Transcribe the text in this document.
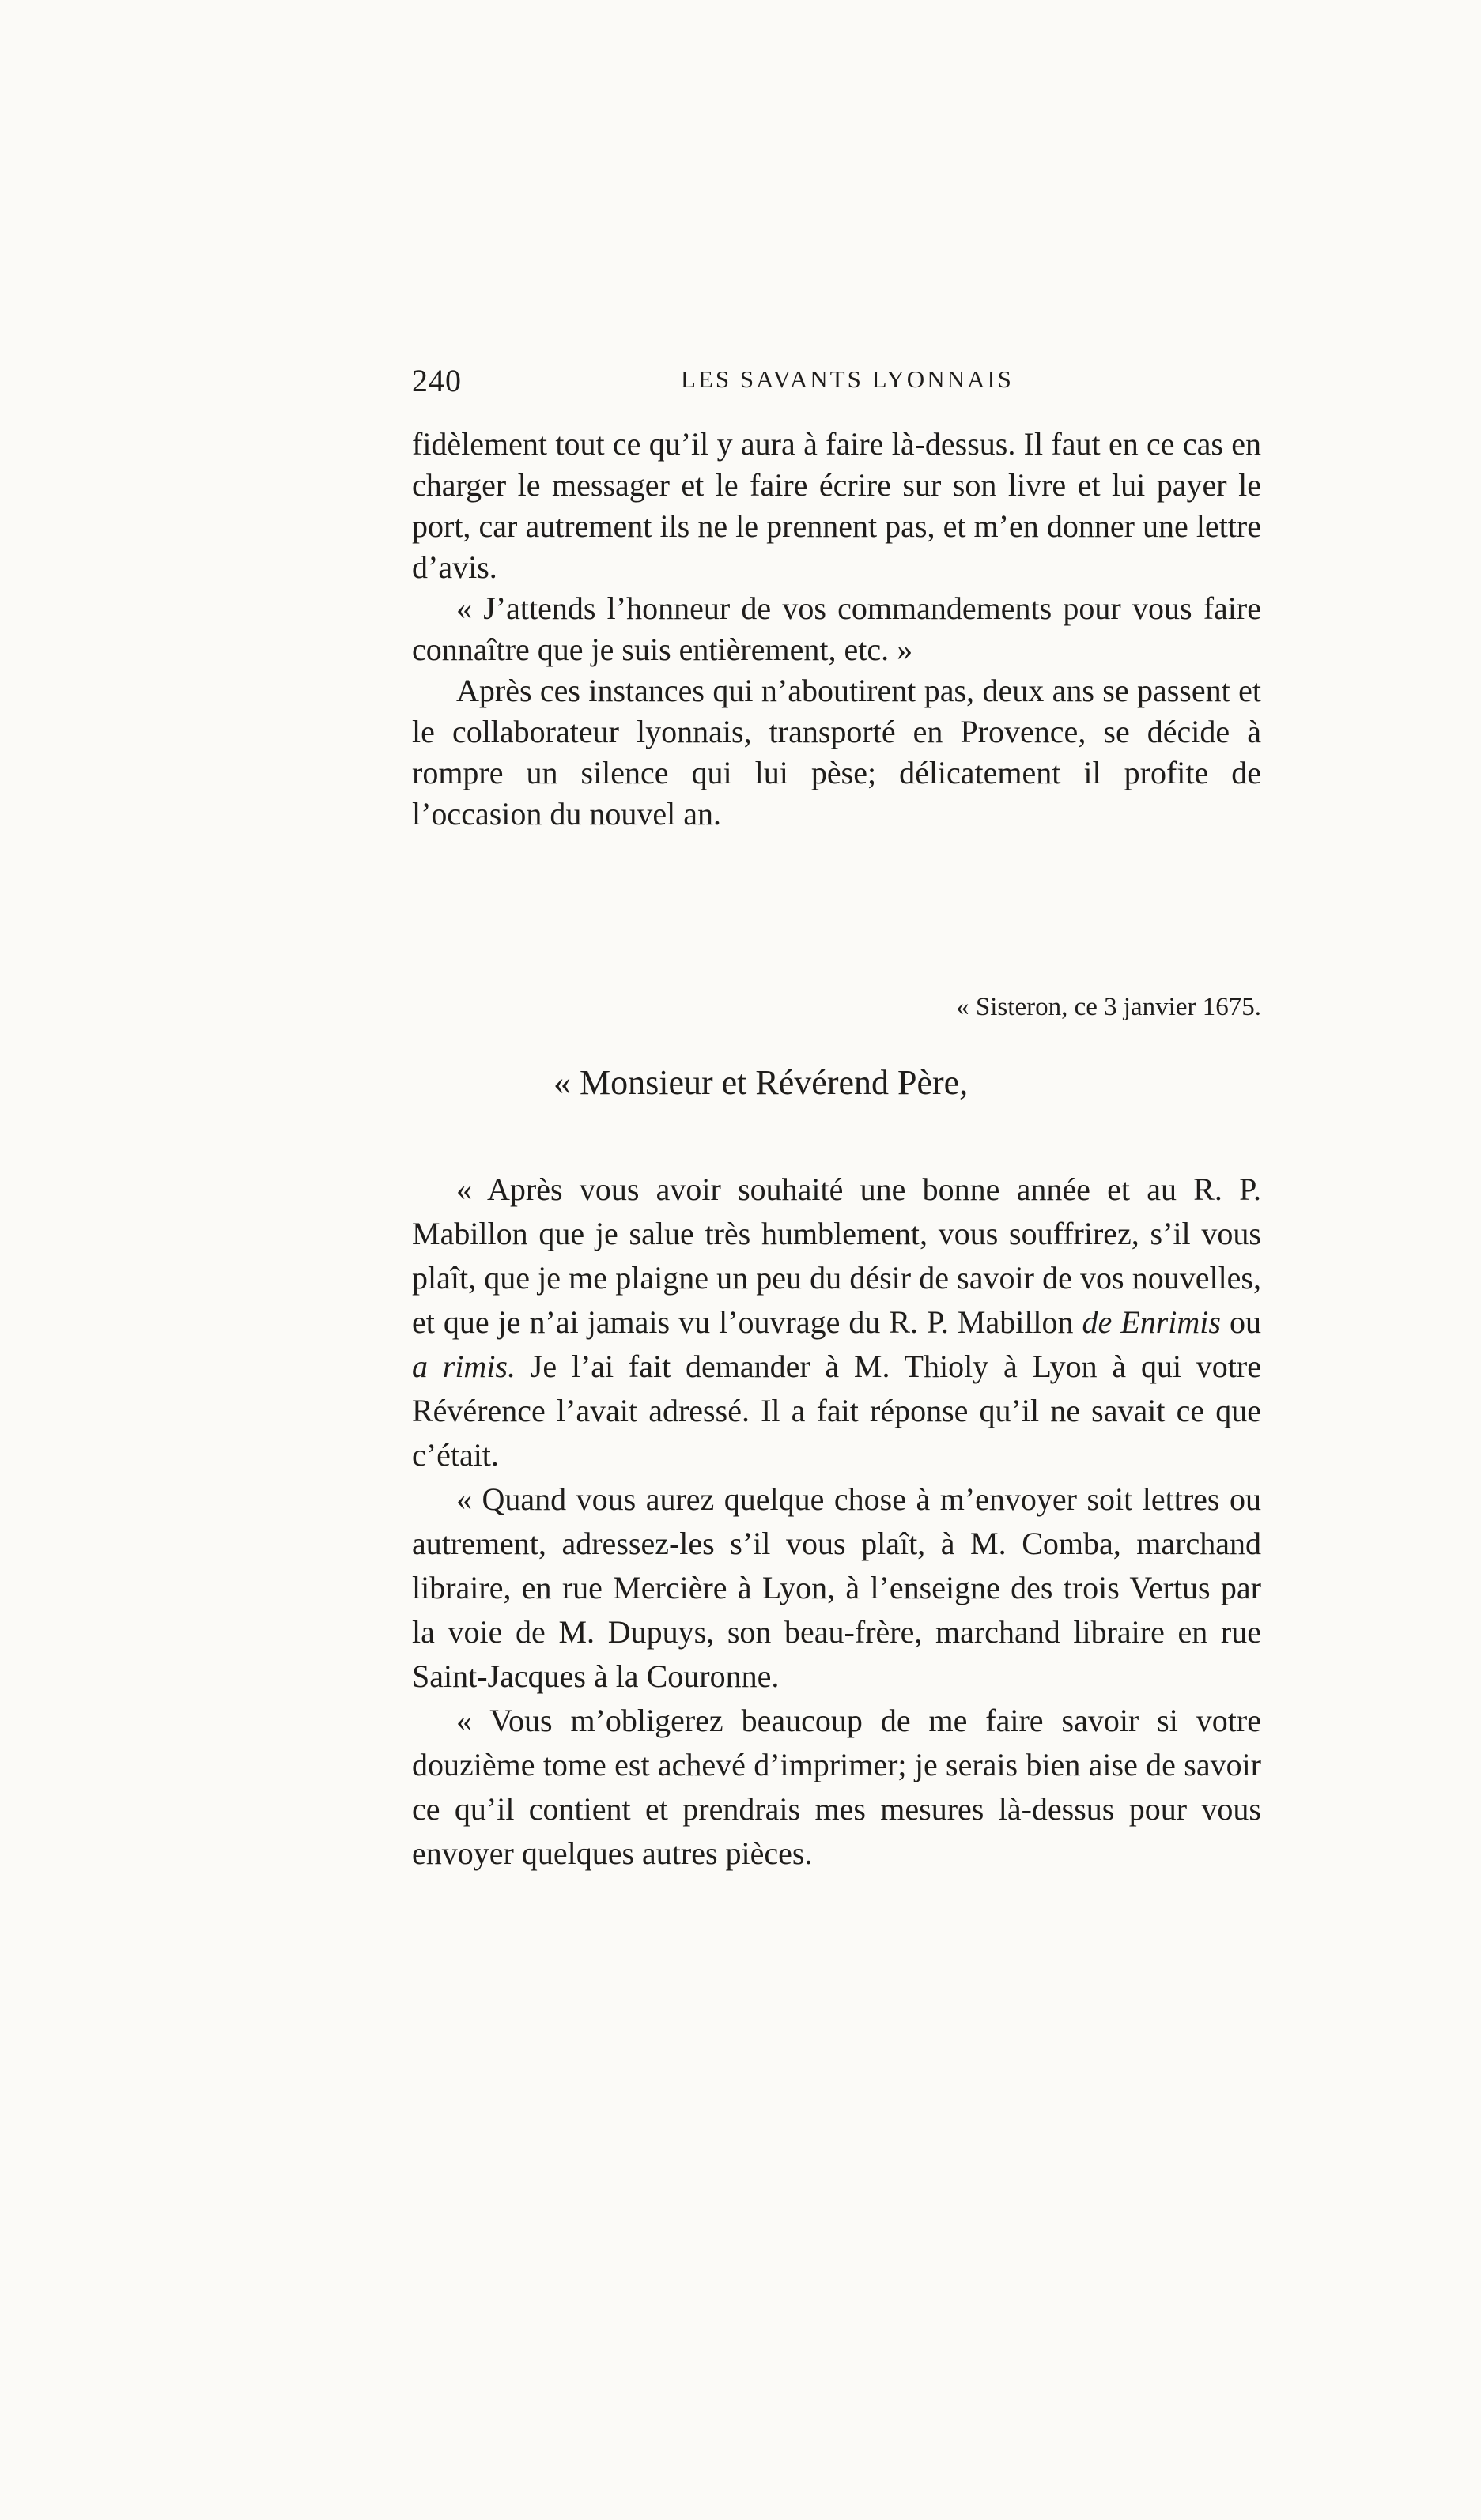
240	LES SAVANTS LYONNAIS

fidèlement tout ce qu’il y aura à faire là-dessus. Il faut en ce cas en charger le messager et le faire écrire sur son livre et lui payer le port, car autrement ils ne le prennent pas, et m’en donner une lettre d’avis.

« J’attends l’honneur de vos commandements pour vous faire connaître que je suis entièrement, etc. »

Après ces instances qui n’aboutirent pas, deux ans se passent et le collaborateur lyonnais, transporté en Provence, se décide à rompre un silence qui lui pèse; délicatement il profite de l’occasion du nouvel an.

« Sisteron, ce 3 janvier 1675.
« Monsieur et Révérend Père,

« Après vous avoir souhaité une bonne année et au R. P. Mabillon que je salue très humblement, vous souffrirez, s’il vous plaît, que je me plaigne un peu du désir de savoir de vos nouvelles, et que je n’ai jamais vu l’ouvrage du R. P. Mabillon de Enrimis ou a rimis. Je l’ai fait demander à M. Thioly à Lyon à qui votre Révérence l’avait adressé. Il a fait réponse qu’il ne savait ce que c’était.

« Quand vous aurez quelque chose à m’envoyer soit lettres ou autrement, adressez-les s’il vous plaît, à M. Comba, marchand libraire, en rue Mercière à Lyon, à l’enseigne des trois Vertus par la voie de M. Dupuys, son beau-frère, marchand libraire en rue Saint-Jacques à la Couronne.

« Vous m’obligerez beaucoup de me faire savoir si votre douzième tome est achevé d’imprimer; je serais bien aise de savoir ce qu’il contient et prendrais mes mesures là-dessus pour vous envoyer quelques autres pièces.
